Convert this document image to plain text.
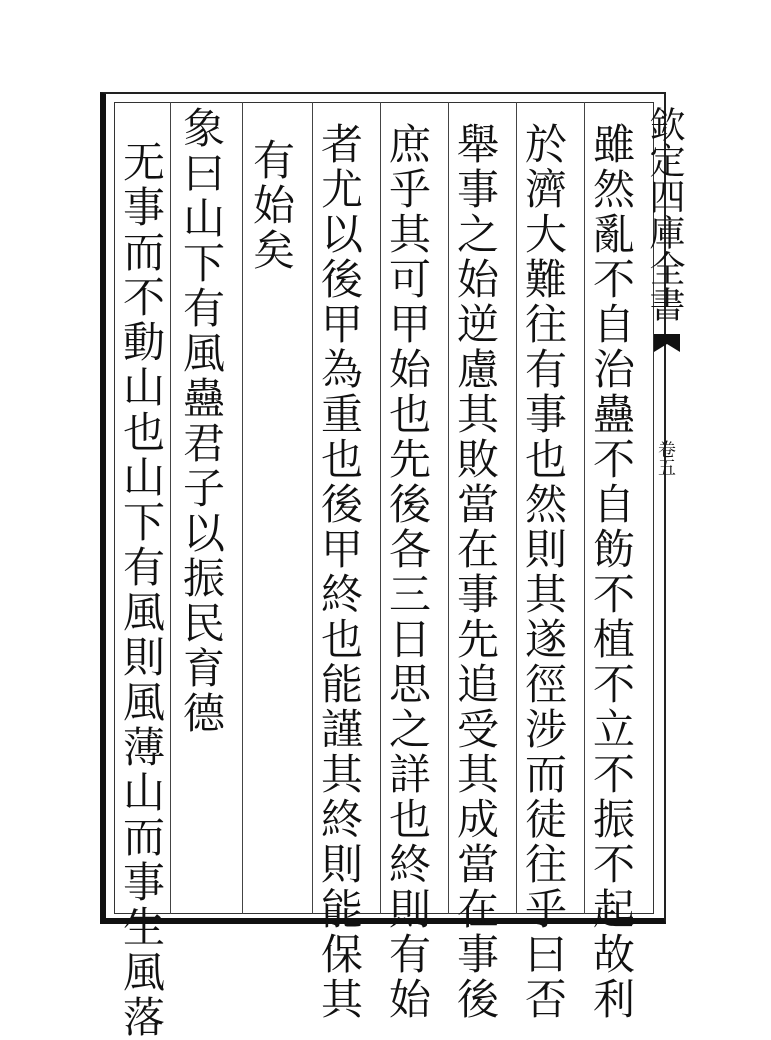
欽定四庫全書
卷五
雖然亂不自治蠱不自飭不植不立不振不起故利
於濟大難往有事也然則其遂徑涉而徒往乎曰否
舉事之始逆慮其敗當在事先追受其成當在事後
庶乎其可甲始也先後各三日思之詳也終則有始
者尤以後甲為重也後甲終也能謹其終則能保其
有始矣
象曰山下有風蠱君子以振民育德
无事而不動山也山下有風則風薄山而事生風落
